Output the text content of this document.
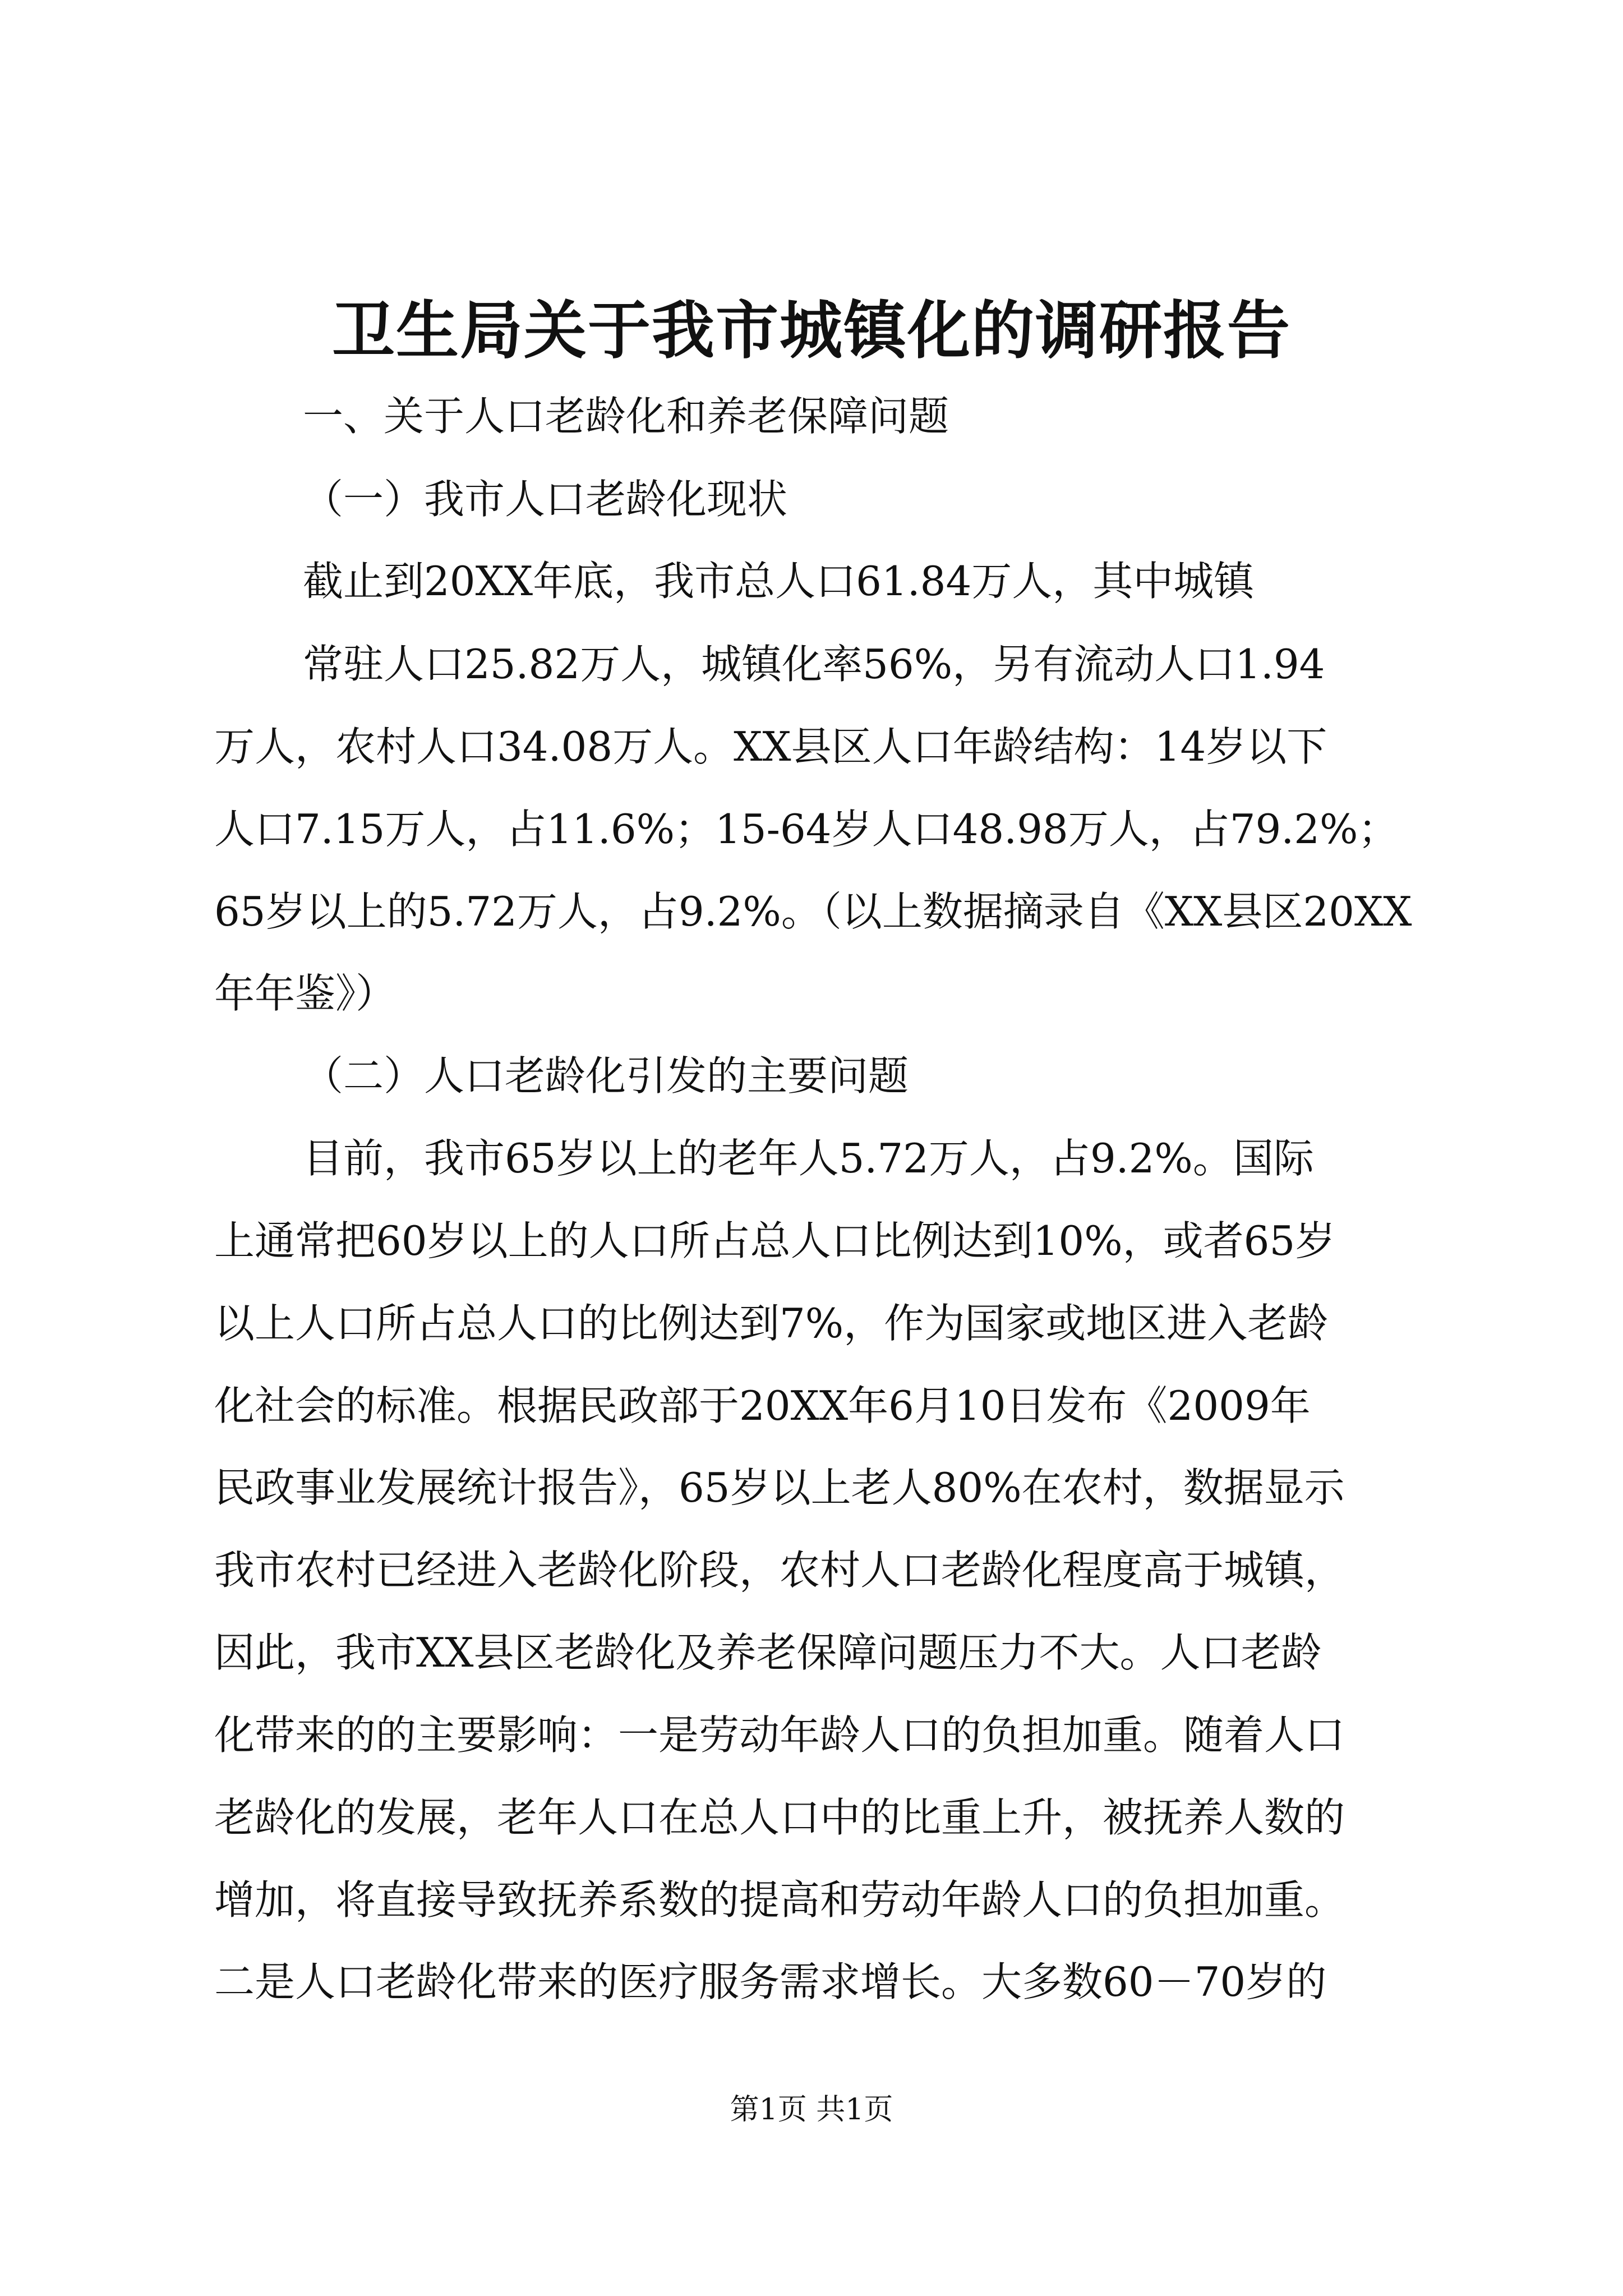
卫生局关于我市城镇化的调研报告

一、关于人口老龄化和养老保障问题

（一）我市人口老龄化现状

截止到20XX年底，我市总人口61.84万人，其中城镇

常驻人口25.82万人，城镇化率56%，另有流动人口1.94

万人，农村人口34.08万人。XX县区人口年龄结构：14岁以下

人口7.15万人，占11.6%；15-64岁人口48.98万人，占79.2%；

65岁以上的5.72万人，占9.2%。（以上数据摘录自《XX县区20XX

年年鉴》）

（二）人口老龄化引发的主要问题

目前，我市65岁以上的老年人5.72万人，占9.2%。国际

上通常把60岁以上的人口所占总人口比例达到10%，或者65岁

以上人口所占总人口的比例达到7%，作为国家或地区进入老龄

化社会的标准。根据民政部于20XX年6月10日发布《2009年

民政事业发展统计报告》，65岁以上老人80%在农村，数据显示

我市农村已经进入老龄化阶段，农村人口老龄化程度高于城镇，

因此，我市XX县区老龄化及养老保障问题压力不大。人口老龄

化带来的的主要影响：一是劳动年龄人口的负担加重。随着人口

老龄化的发展，老年人口在总人口中的比重上升，被抚养人数的

增加，将直接导致抚养系数的提高和劳动年龄人口的负担加重。

二是人口老龄化带来的医疗服务需求增长。大多数60－70岁的

第1页 共1页
